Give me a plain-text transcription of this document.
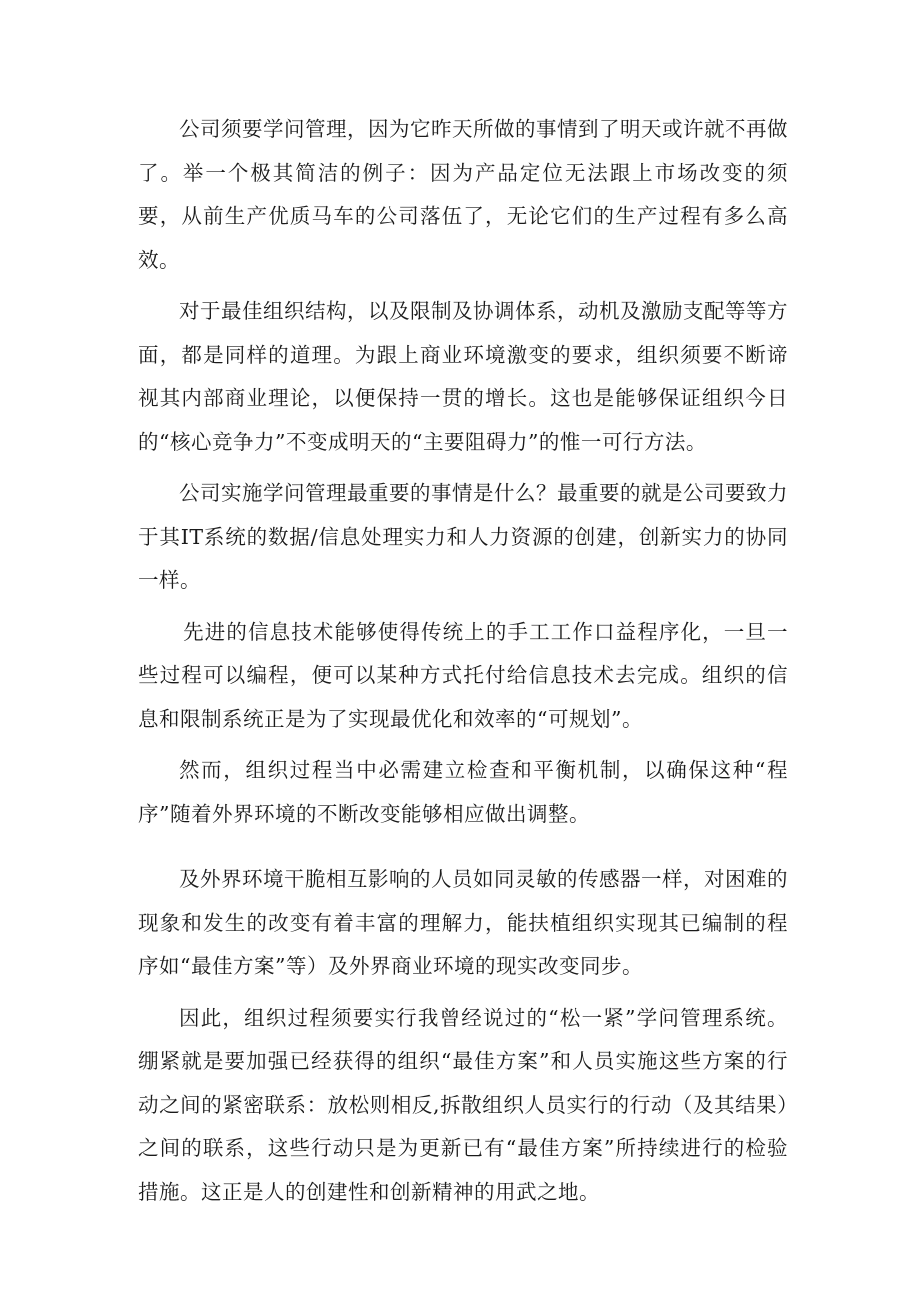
公司须要学问管理，因为它昨天所做的事情到了明天或许就不再做了。举一个极其简洁的例子：因为产品定位无法跟上市场改变的须要，从前生产优质马车的公司落伍了，无论它们的生产过程有多么高效。

对于最佳组织结构，以及限制及协调体系，动机及激励支配等等方面，都是同样的道理。为跟上商业环境激变的要求，组织须要不断谛视其内部商业理论，以便保持一贯的增长。这也是能够保证组织今日的“核心竞争力”不变成明天的“主要阻碍力”的惟一可行方法。

公司实施学问管理最重要的事情是什么？最重要的就是公司要致力于其IT系统的数据/信息处理实力和人力资源的创建，创新实力的协同一样。

先进的信息技术能够使得传统上的手工工作口益程序化，一旦一些过程可以编程，便可以某种方式托付给信息技术去完成。组织的信息和限制系统正是为了实现最优化和效率的“可规划”。

然而，组织过程当中必需建立检查和平衡机制，以确保这种“程序”随着外界环境的不断改变能够相应做出调整。

及外界环境干脆相互影响的人员如同灵敏的传感器一样，对困难的现象和发生的改变有着丰富的理解力，能扶植组织实现其已编制的程序如“最佳方案”等）及外界商业环境的现实改变同步。

因此，组织过程须要实行我曾经说过的“松一紧”学问管理系统。绷紧就是要加强已经获得的组织“最佳方案”和人员实施这些方案的行动之间的紧密联系：放松则相反,拆散组织人员实行的行动（及其结果）之间的联系，这些行动只是为更新已有“最佳方案”所持续进行的检验措施。这正是人的创建性和创新精神的用武之地。
